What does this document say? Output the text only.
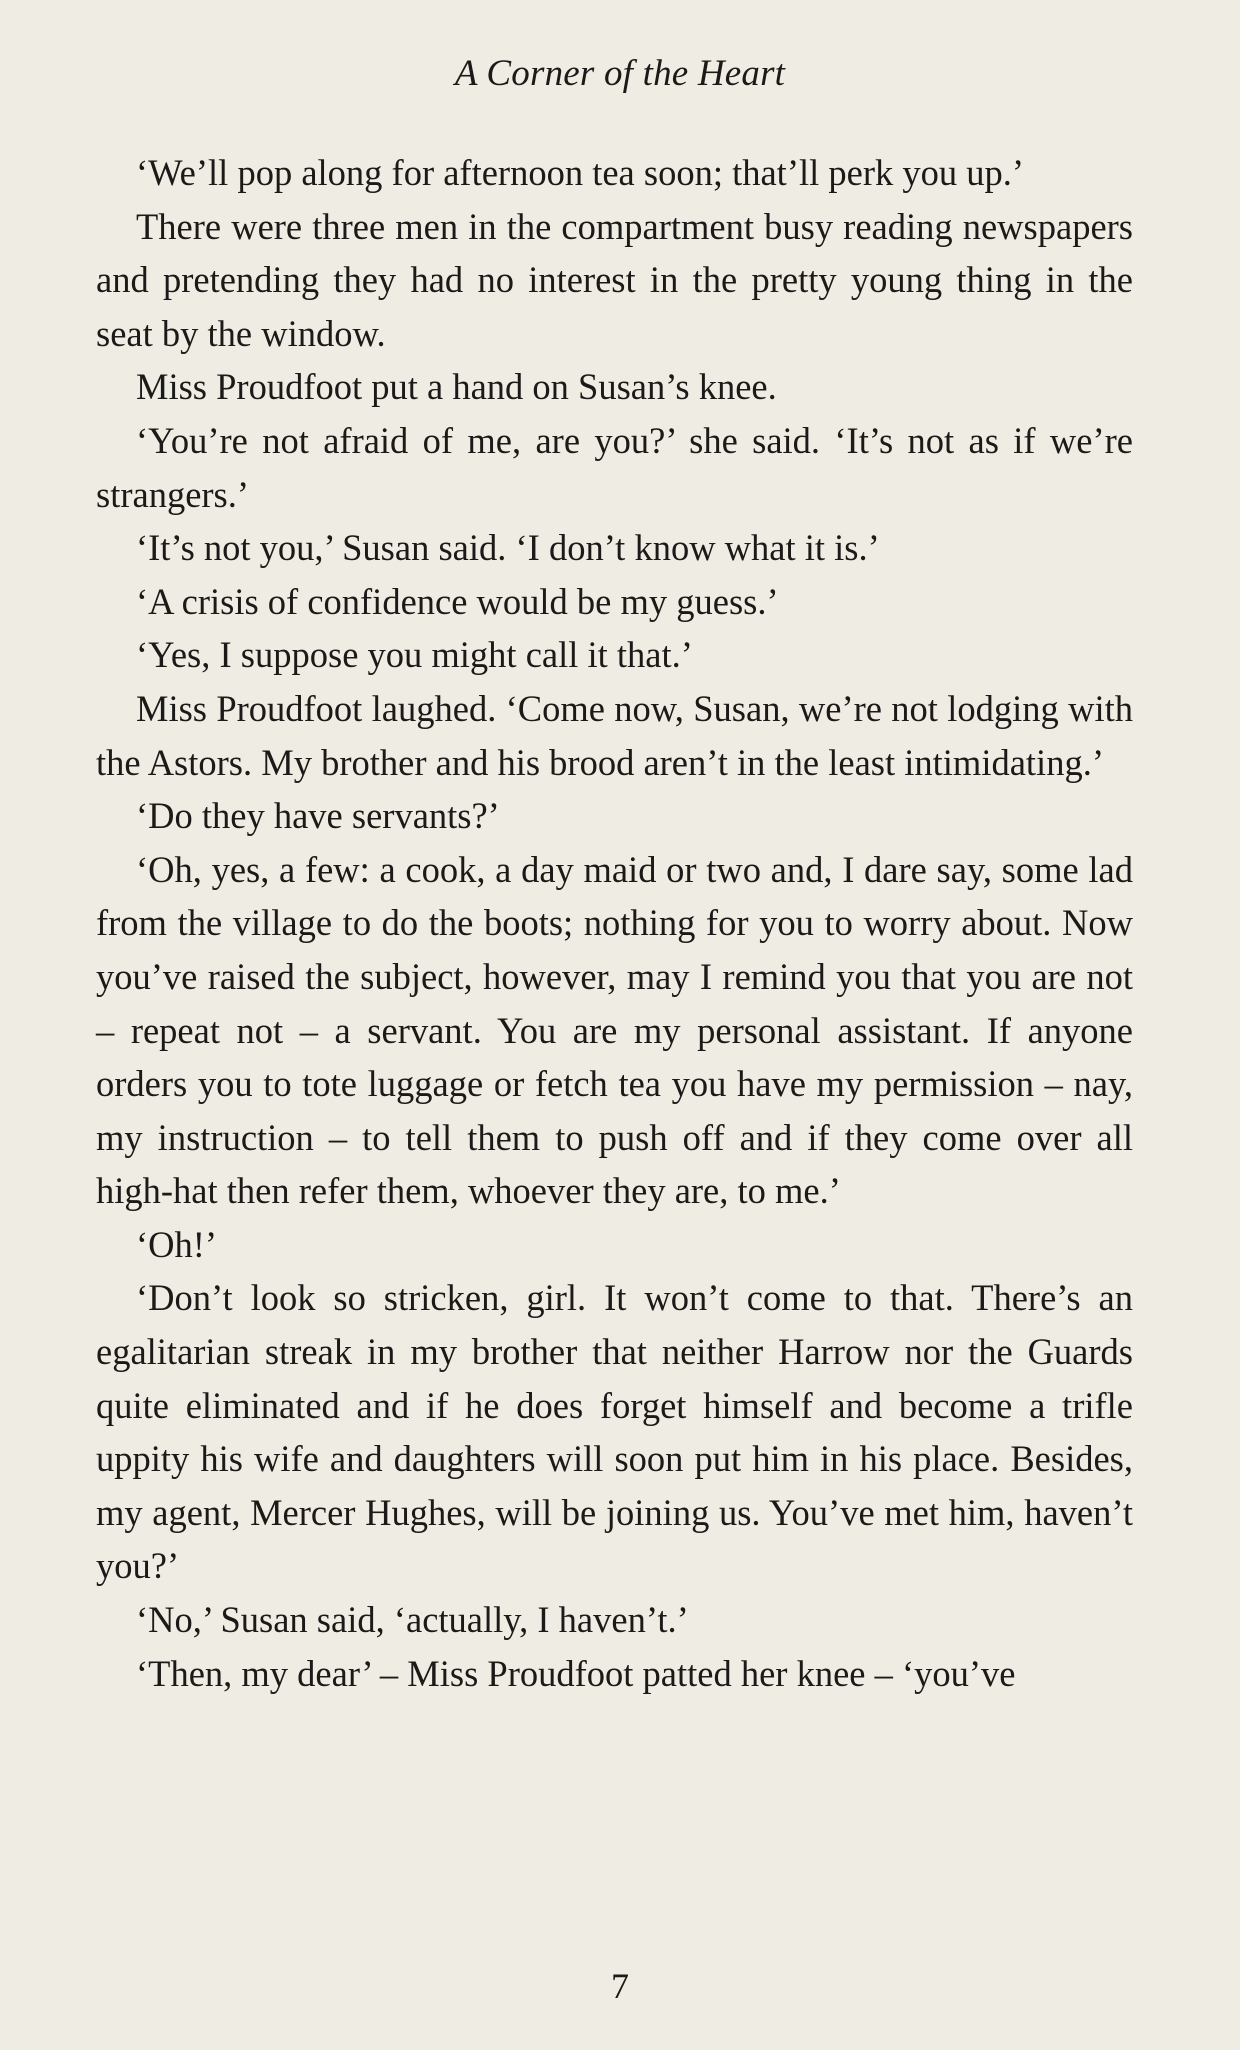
A Corner of the Heart

‘We’ll pop along for afternoon tea soon; that’ll perk you up.’

There were three men in the compartment busy reading newspapers and pretending they had no interest in the pretty young thing in the seat by the window.

Miss Proudfoot put a hand on Susan’s knee.

‘You’re not afraid of me, are you?’ she said. ‘It’s not as if we’re strangers.’

‘It’s not you,’ Susan said. ‘I don’t know what it is.’

‘A crisis of confidence would be my guess.’

‘Yes, I suppose you might call it that.’

Miss Proudfoot laughed. ‘Come now, Susan, we’re not lodging with the Astors. My brother and his brood aren’t in the least intimidating.’

‘Do they have servants?’

‘Oh, yes, a few: a cook, a day maid or two and, I dare say, some lad from the village to do the boots; nothing for you to worry about. Now you’ve raised the subject, however, may I remind you that you are not – repeat not – a servant. You are my personal assistant. If anyone orders you to tote luggage or fetch tea you have my permission – nay, my instruction – to tell them to push off and if they come over all high-hat then refer them, whoever they are, to me.’

‘Oh!’

‘Don’t look so stricken, girl. It won’t come to that. There’s an egalitarian streak in my brother that neither Harrow nor the Guards quite eliminated and if he does forget himself and become a trifle uppity his wife and daughters will soon put him in his place. Besides, my agent, Mercer Hughes, will be joining us. You’ve met him, haven’t you?’

‘No,’ Susan said, ‘actually, I haven’t.’

‘Then, my dear’ – Miss Proudfoot patted her knee – ‘you’ve

7
